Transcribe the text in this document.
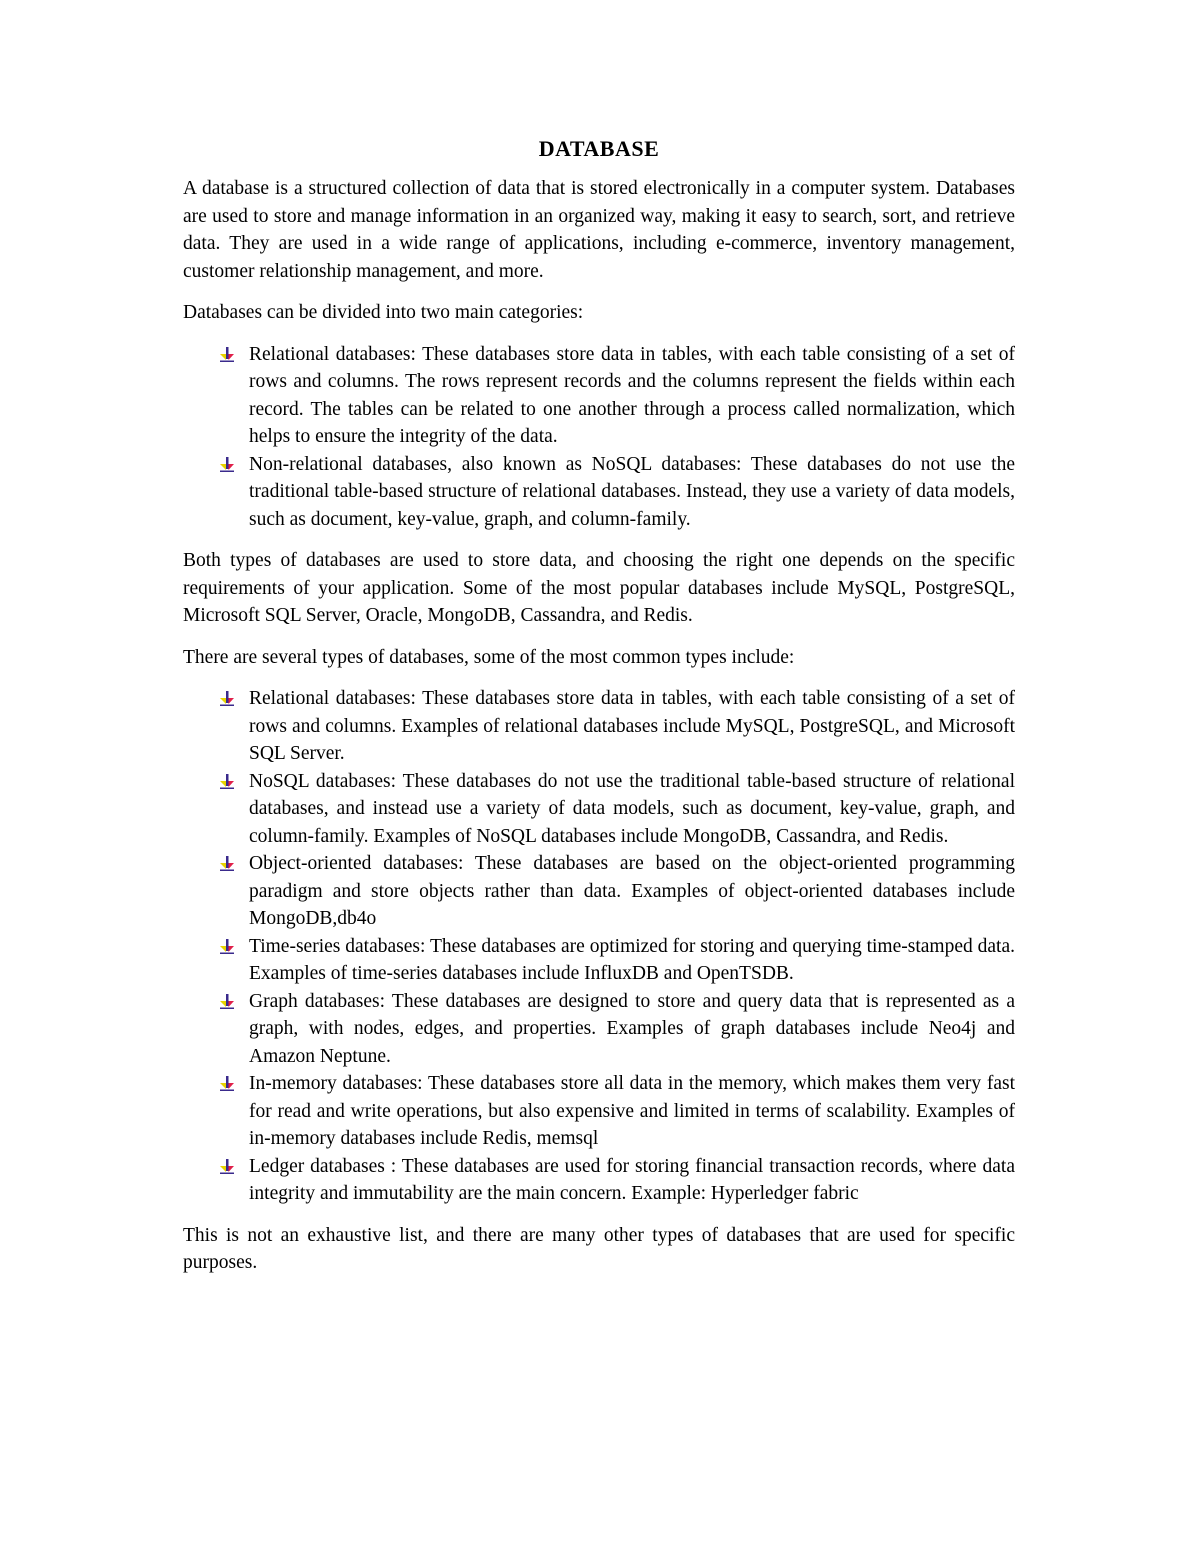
DATABASE

A database is a structured collection of data that is stored electronically in a computer system. Databases are used to store and manage information in an organized way, making it easy to search, sort, and retrieve data. They are used in a wide range of applications, including e-commerce, inventory management, customer relationship management, and more.

Databases can be divided into two main categories:

Relational databases: These databases store data in tables, with each table consisting of a set of rows and columns. The rows represent records and the columns represent the fields within each record. The tables can be related to one another through a process called normalization, which helps to ensure the integrity of the data.
Non-relational databases, also known as NoSQL databases: These databases do not use the traditional table-based structure of relational databases. Instead, they use a variety of data models, such as document, key-value, graph, and column-family.

Both types of databases are used to store data, and choosing the right one depends on the specific requirements of your application. Some of the most popular databases include MySQL, PostgreSQL, Microsoft SQL Server, Oracle, MongoDB, Cassandra, and Redis.

There are several types of databases, some of the most common types include:

Relational databases: These databases store data in tables, with each table consisting of a set of rows and columns. Examples of relational databases include MySQL, PostgreSQL, and Microsoft SQL Server.
NoSQL databases: These databases do not use the traditional table-based structure of relational databases, and instead use a variety of data models, such as document, key-value, graph, and column-family. Examples of NoSQL databases include MongoDB, Cassandra, and Redis.
Object-oriented databases: These databases are based on the object-oriented programming paradigm and store objects rather than data. Examples of object-oriented databases include MongoDB,db4o
Time-series databases: These databases are optimized for storing and querying time-stamped data. Examples of time-series databases include InfluxDB and OpenTSDB.
Graph databases: These databases are designed to store and query data that is represented as a graph, with nodes, edges, and properties. Examples of graph databases include Neo4j and Amazon Neptune.
In-memory databases: These databases store all data in the memory, which makes them very fast for read and write operations, but also expensive and limited in terms of scalability. Examples of in-memory databases include Redis, memsql
Ledger databases : These databases are used for storing financial transaction records, where data integrity and immutability are the main concern. Example: Hyperledger fabric

This is not an exhaustive list, and there are many other types of databases that are used for specific purposes.
